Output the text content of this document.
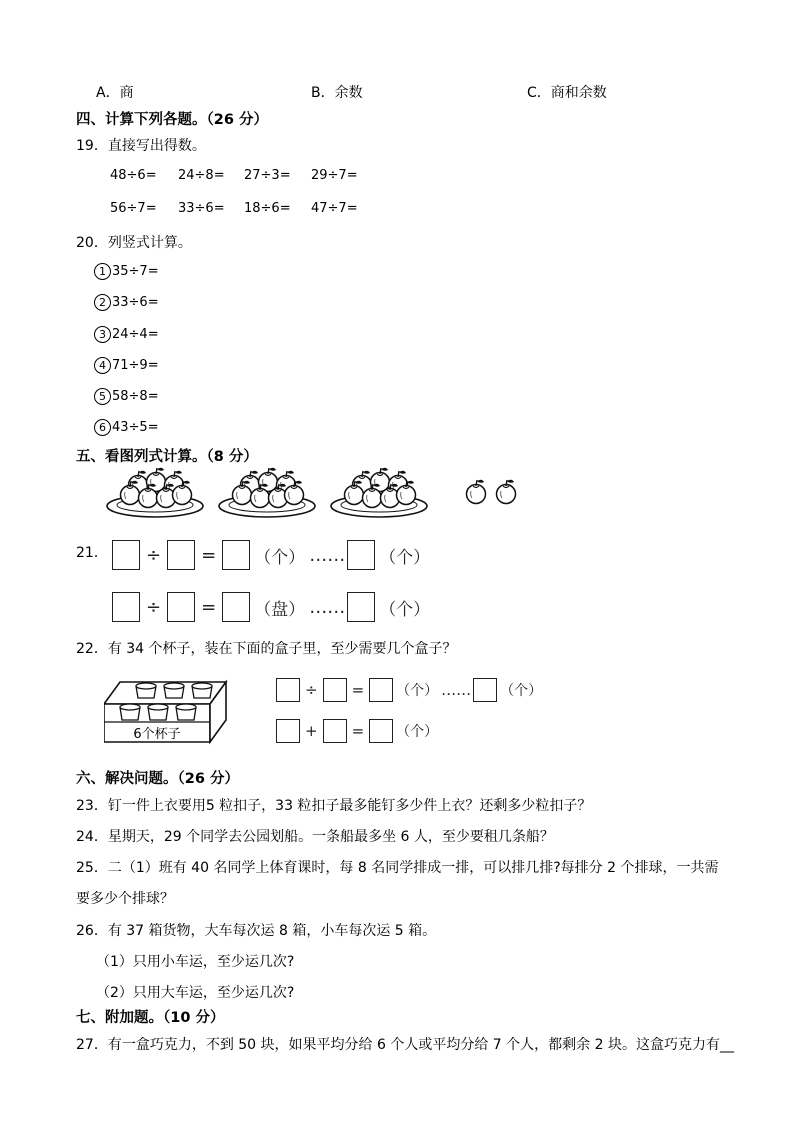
A．商	B．余数	C．商和余数
四、计算下列各题。（26 分）
19．直接写出得数。
48÷6= 24÷8= 27÷3= 29÷7=
56÷7= 33÷6= 18÷6= 47÷7=
20．列竖式计算。
1 35÷7=
2 33÷6=
3 24÷4=
4 71÷9=
5 58÷8=
6 43÷5=
五、看图列式计算。（8 分）
21． ÷ = （个） …… （个）
÷ = （盘） …… （个）
22．有 34 个杯子，装在下面的盒子里，至少需要几个盒子？
6个杯子
÷ = （个） …… （个）
+ = （个）
六、解决问题。（26 分）
23．钉一件上衣要用5 粒扣子，33 粒扣子最多能钉多少件上衣？还剩多少粒扣子？
24．星期天，29 个同学去公园划船。一条船最多坐 6 人，至少要租几条船？
25．二（1）班有 40 名同学上体育课时，每 8 名同学排成一排，可以排几排?每排分 2 个排球，一共需
要多少个排球？
26．有 37 箱货物，大车每次运 8 箱，小车每次运 5 箱。
（1）只用小车运，至少运几次?
（2）只用大车运，至少运几次?
七、附加题。（10 分）
27．有一盒巧克力，不到 50 块，如果平均分给 6 个人或平均分给 7 个人，都剩余 2 块。这盒巧克力有__
